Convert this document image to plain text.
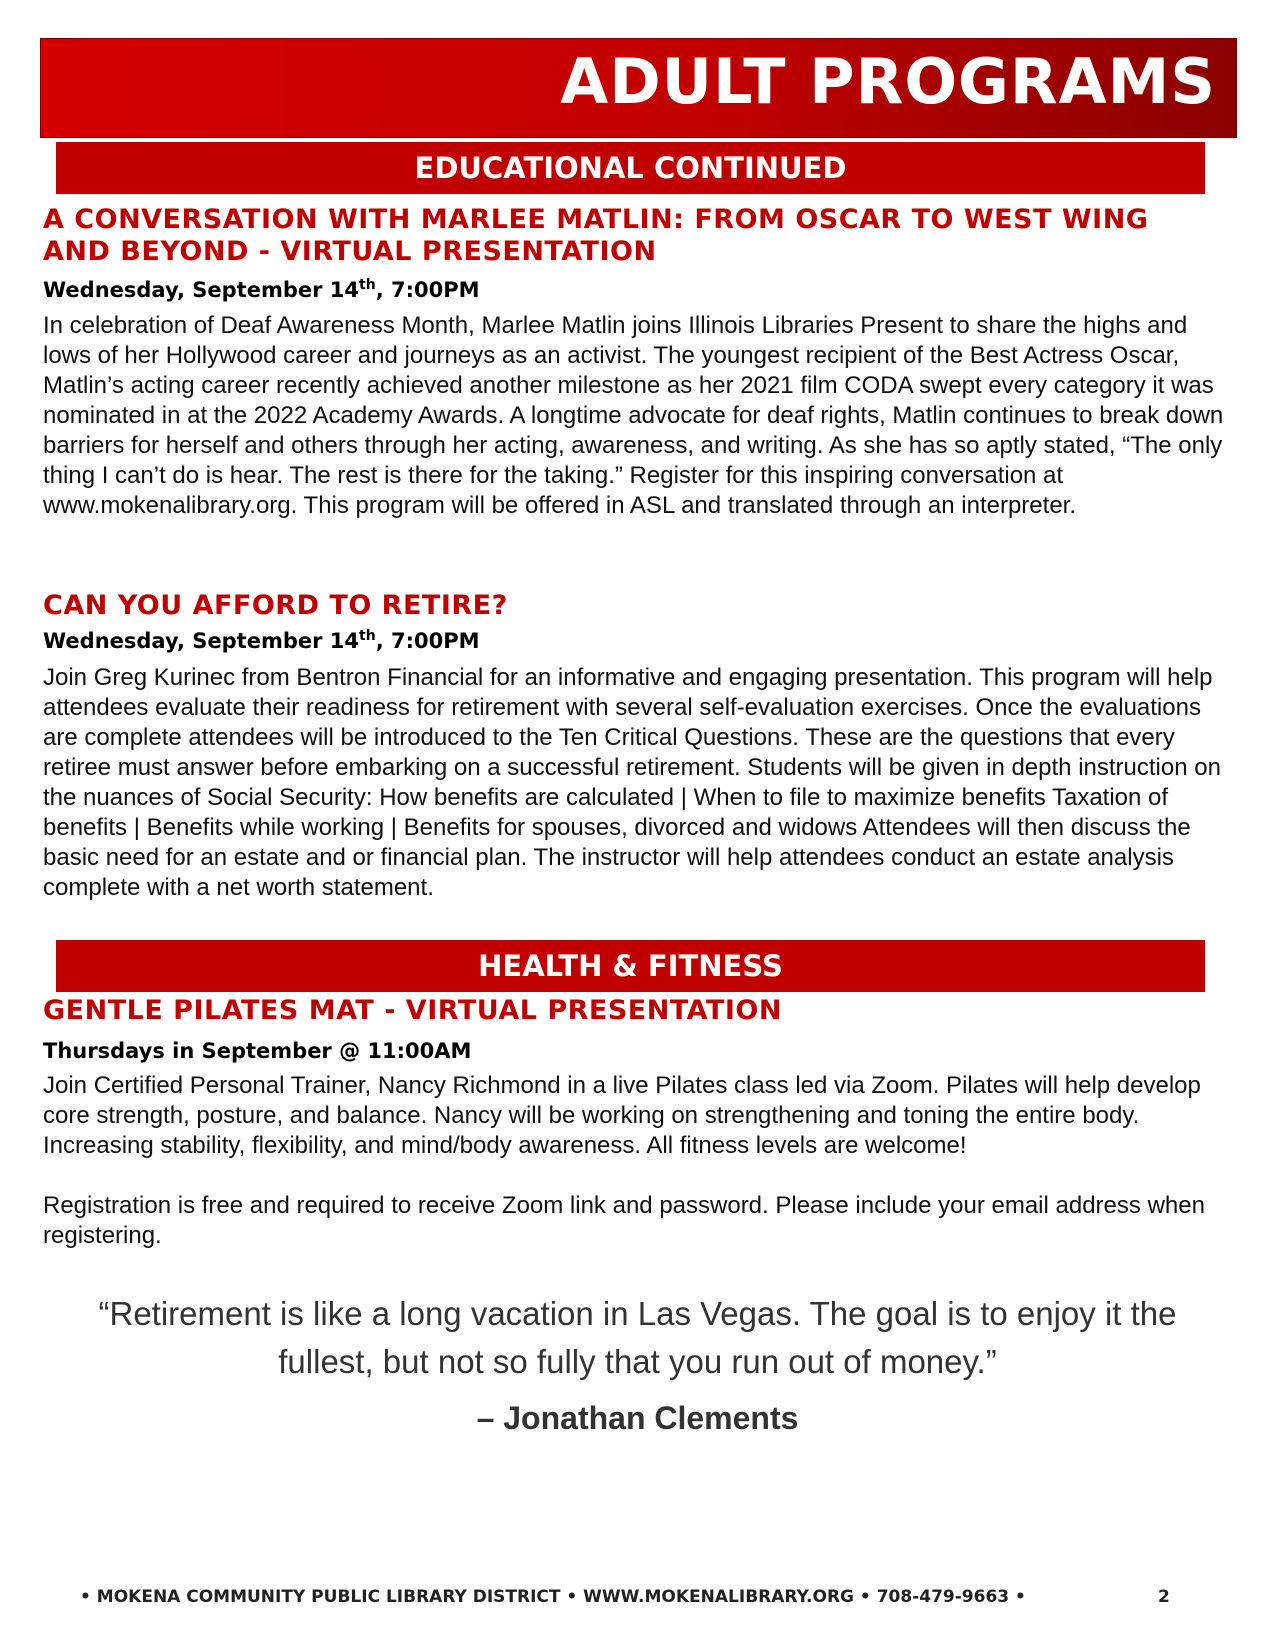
ADULT PROGRAMS
EDUCATIONAL CONTINUED
A CONVERSATION WITH MARLEE MATLIN: FROM OSCAR TO WEST WING AND BEYOND - VIRTUAL PRESENTATION

Wednesday, September 14th, 7:00PM

In celebration of Deaf Awareness Month, Marlee Matlin joins Illinois Libraries Present to share the highs and lows of her Hollywood career and journeys as an activist. The youngest recipient of the Best Actress Oscar, Matlin’s acting career recently achieved another milestone as her 2021 film CODA swept every category it was nominated in at the 2022 Academy Awards. A longtime advocate for deaf rights, Matlin continues to break down barriers for herself and others through her acting, awareness, and writing. As she has so aptly stated, “The only thing I can’t do is hear. The rest is there for the taking.” Register for this inspiring conversation at www.mokenalibrary.org. This program will be offered in ASL and translated through an interpreter.

CAN YOU AFFORD TO RETIRE?

Wednesday, September 14th, 7:00PM

Join Greg Kurinec from Bentron Financial for an informative and engaging presentation. This program will help attendees evaluate their readiness for retirement with several self-evaluation exercises. Once the evaluations are complete attendees will be introduced to the Ten Critical Questions. These are the questions that every retiree must answer before embarking on a successful retirement. Students will be given in depth instruction on the nuances of Social Security: How benefits are calculated | When to file to maximize benefits Taxation of benefits | Benefits while working | Benefits for spouses, divorced and widows Attendees will then discuss the basic need for an estate and or financial plan. The instructor will help attendees conduct an estate analysis complete with a net worth statement.

HEALTH & FITNESS
GENTLE PILATES MAT - VIRTUAL PRESENTATION

Thursdays in September @ 11:00AM

Join Certified Personal Trainer, Nancy Richmond in a live Pilates class led via Zoom. Pilates will help develop core strength, posture, and balance. Nancy will be working on strengthening and toning the entire body. Increasing stability, flexibility, and mind/body awareness. All fitness levels are welcome!

Registration is free and required to receive Zoom link and password. Please include your email address when registering.

“Retirement is like a long vacation in Las Vegas. The goal is to enjoy it the fullest, but not so fully that you run out of money.”

– Jonathan Clements

• MOKENA COMMUNITY PUBLIC LIBRARY DISTRICT • WWW.MOKENALIBRARY.ORG • 708-479-9663 •	2
